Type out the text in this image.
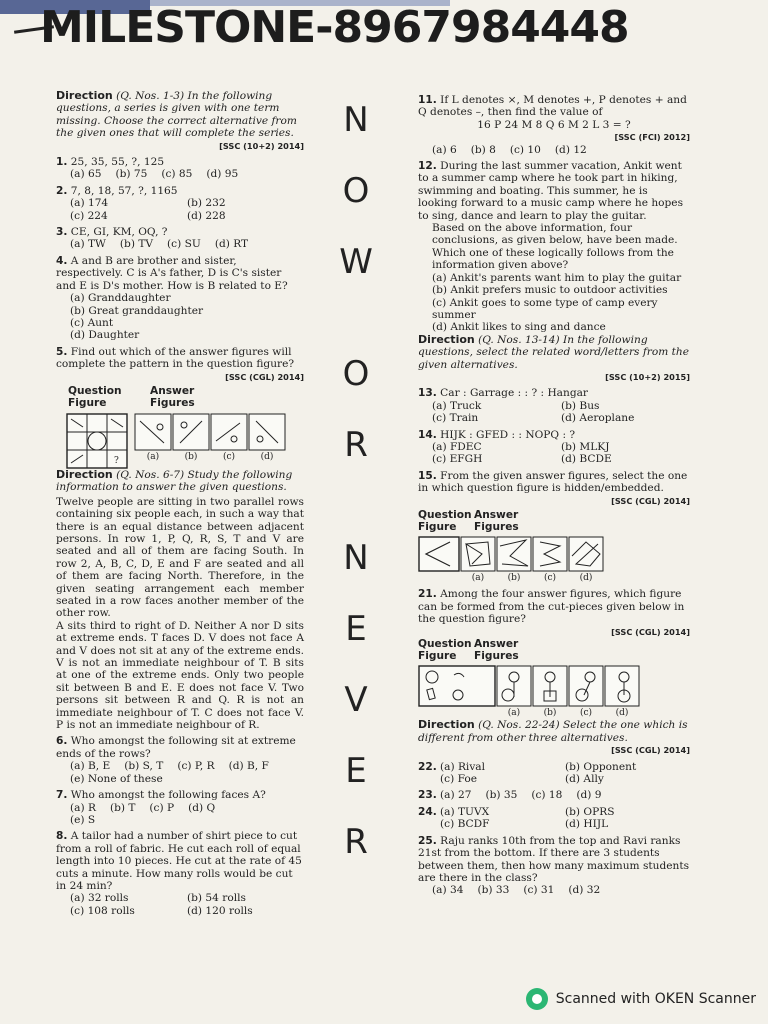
MILESTONE-8967984448

Direction (Q. Nos. 1-3) In the following questions, a series is given with one term missing. Choose the correct alternative from the given ones that will complete the series.

[SSC (10+2) 2014]

1. 25, 35, 55, ?, 125
(a) 65 (b) 75 (c) 85 (d) 95
2. 7, 8, 18, 57, ?, 1165
(a) 174	(b) 232
(c) 224	(d) 228
3. CE, GI, KM, OQ, ?
(a) TW (b) TV (c) SU (d) RT
4. A and B are brother and sister, respectively. C is A's father, D is C's sister and E is D's mother. How is B related to E?
(a) Granddaughter
(b) Great granddaughter
(c) Aunt
(d) Daughter
5. Find out which of the answer figures will complete the pattern in the question figure?

[SSC (CGL) 2014]

Question Figure
Answer Figures
?	(a)	(b)	(c)	(d)

Direction (Q. Nos. 6-7) Study the following information to answer the given questions.

Twelve people are sitting in two parallel rows containing six people each, in such a way that there is an equal distance between adjacent persons. In row 1, P, Q, R, S, T and V are seated and all of them are facing South. In row 2, A, B, C, D, E and F are seated and all of them are facing North. Therefore, in the given seating arrangement each member seated in a row faces another member of the other row.

A sits third to right of D. Neither A nor D sits at extreme ends. T faces D. V does not face A and V does not sit at any of the extreme ends. V is not an immediate neighbour of T. B sits at one of the extreme ends. Only two people sit between B and E. E does not face V. Two persons sit between R and Q. R is not an immediate neighbour of T. C does not face V. P is not an immediate neighbour of R.

6. Who amongst the following sit at extreme ends of the rows?
(a) B, E (b) S, T (c) P, R (d) B, F
(e) None of these
7. Who amongst the following faces A?
(a) R (b) T (c) P (d) Q
(e) S
8. A tailor had a number of shirt piece to cut from a roll of fabric. He cut each roll of equal length into 10 pieces. He cut at the rate of 45 cuts a minute. How many rolls would be cut in 24 min?
(a) 32 rolls	(b) 54 rolls
(c) 108 rolls	(d) 120 rolls
N
O
W
O
R
N
E
V
E
R
11. If L denotes ×, M denotes +, P denotes + and Q denotes –, then find the value of
16 P 24 M 8 Q 6 M 2 L 3 = ?

[SSC (FCI) 2012]

(a) 6 (b) 8 (c) 10 (d) 12
12. During the last summer vacation, Ankit went to a summer camp where he took part in hiking, swimming and boating. This summer, he is looking forward to a music camp where he hopes to sing, dance and learn to play the guitar.

Based on the above information, four conclusions, as given below, have been made. Which one of these logically follows from the information given above?

(a) Ankit's parents want him to play the guitar
(b) Ankit prefers music to outdoor activities
(c) Ankit goes to some type of camp every summer
(d) Ankit likes to sing and dance

Direction (Q. Nos. 13-14) In the following questions, select the related word/letters from the given alternatives.

[SSC (10+2) 2015]

13. Car : Garrage : : ? : Hangar
(a) Truck	(b) Bus
(c) Train	(d) Aeroplane
14. HIJK : GFED : : NOPQ : ?
(a) FDEC	(b) MLKJ
(c) EFGH	(d) BCDE
15. From the given answer figures, select the one in which question figure is hidden/embedded.

[SSC (CGL) 2014]

Question Figure
Answer Figures
(a)	(b)	(c)	(d)
21. Among the four answer figures, which figure can be formed from the cut-pieces given below in the question figure?

[SSC (CGL) 2014]

Question Figure
Answer Figures
(a)	(b)	(c)	(d)

Direction (Q. Nos. 22-24) Select the one which is different from other three alternatives.

[SSC (CGL) 2014]

22. (a) Rival	(b) Opponent
(c) Foe	(d) Ally
23. (a) 27 (b) 35 (c) 18 (d) 9
24. (a) TUVX	(b) OPRS
(c) BCDF	(d) HIJL
25. Raju ranks 10th from the top and Ravi ranks 21st from the bottom. If there are 3 students between them, then how many maximum students are there in the class?
(a) 34 (b) 33 (c) 31 (d) 32
Scanned with OKEN Scanner
